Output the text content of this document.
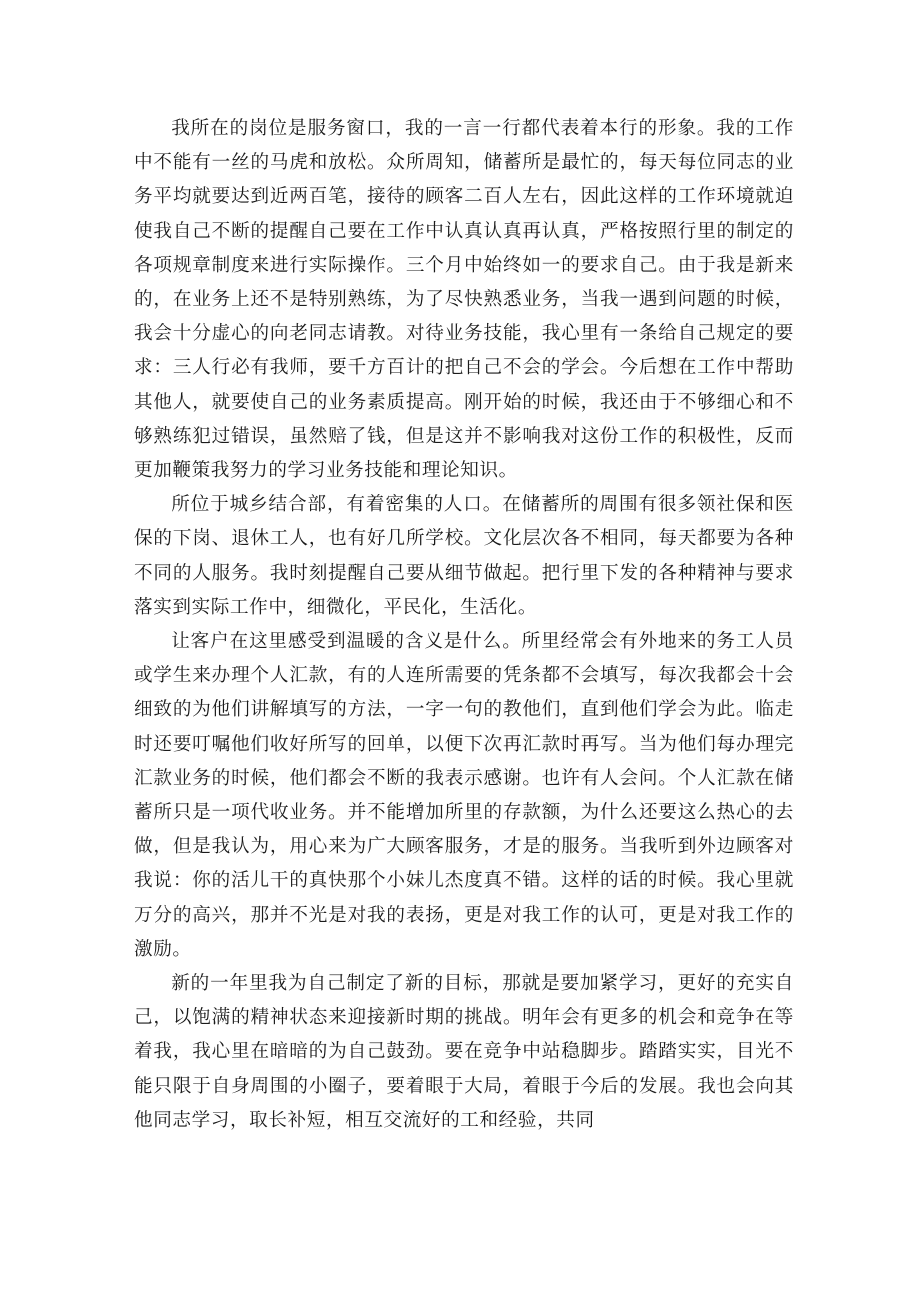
我所在的岗位是服务窗口，我的一言一行都代表着本行的形象。我的工作中不能有一丝的马虎和放松。众所周知，储蓄所是最忙的，每天每位同志的业务平均就要达到近两百笔，接待的顾客二百人左右，因此这样的工作环境就迫使我自己不断的提醒自己要在工作中认真认真再认真，严格按照行里的制定的各项规章制度来进行实际操作。三个月中始终如一的要求自己。由于我是新来的，在业务上还不是特别熟练，为了尽快熟悉业务，当我一遇到问题的时候，我会十分虚心的向老同志请教。对待业务技能，我心里有一条给自己规定的要求：三人行必有我师，要千方百计的把自己不会的学会。今后想在工作中帮助其他人，就要使自己的业务素质提高。刚开始的时候，我还由于不够细心和不够熟练犯过错误，虽然赔了钱，但是这并不影响我对这份工作的积极性，反而更加鞭策我努力的学习业务技能和理论知识。

所位于城乡结合部，有着密集的人口。在储蓄所的周围有很多领社保和医保的下岗、退休工人，也有好几所学校。文化层次各不相同，每天都要为各种不同的人服务。我时刻提醒自己要从细节做起。把行里下发的各种精神与要求落实到实际工作中，细微化，平民化，生活化。

让客户在这里感受到温暖的含义是什么。所里经常会有外地来的务工人员或学生来办理个人汇款，有的人连所需要的凭条都不会填写，每次我都会十会细致的为他们讲解填写的方法，一字一句的教他们，直到他们学会为此。临走时还要叮嘱他们收好所写的回单，以便下次再汇款时再写。当为他们每办理完汇款业务的时候，他们都会不断的我表示感谢。也许有人会问。个人汇款在储蓄所只是一项代收业务。并不能增加所里的存款额，为什么还要这么热心的去做，但是我认为，用心来为广大顾客服务，才是的服务。当我听到外边顾客对我说：你的活儿干的真快那个小妹儿杰度真不错。这样的话的时候。我心里就万分的高兴，那并不光是对我的表扬，更是对我工作的认可，更是对我工作的激励。

新的一年里我为自己制定了新的目标，那就是要加紧学习，更好的充实自己，以饱满的精神状态来迎接新时期的挑战。明年会有更多的机会和竞争在等着我，我心里在暗暗的为自己鼓劲。要在竞争中站稳脚步。踏踏实实，目光不能只限于自身周围的小圈子，要着眼于大局，着眼于今后的发展。我也会向其他同志学习，取长补短，相互交流好的工和经验，共同
